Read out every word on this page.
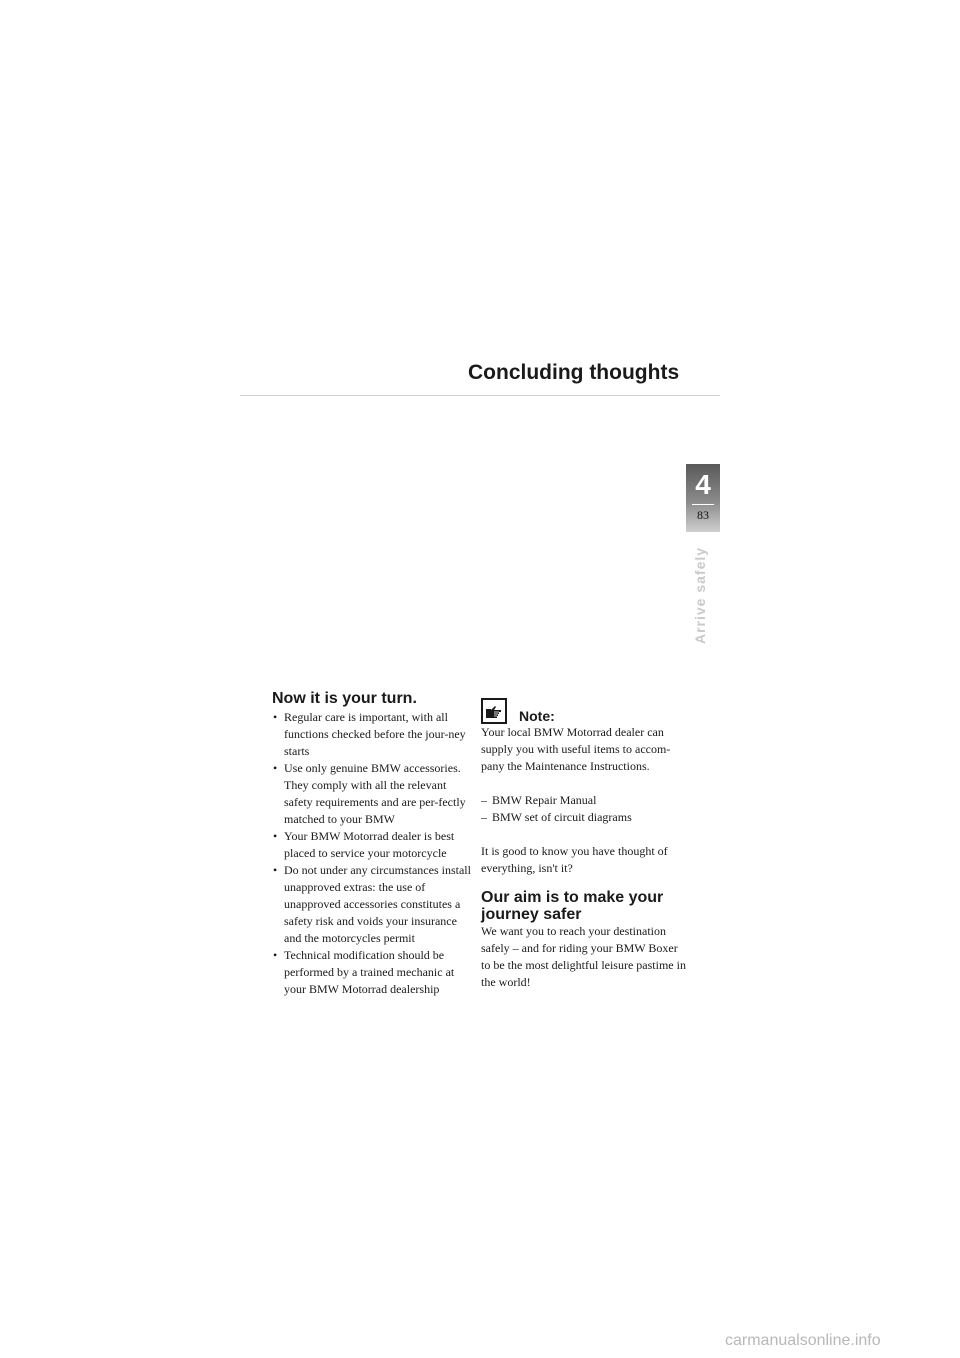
Concluding thoughts
4
83
Arrive safely
Now it is your turn.
• Regular care is important, with all functions checked before the jour-ney starts
• Use only genuine BMW accessories. They comply with all the relevant safety requirements and are per-fectly matched to your BMW
• Your BMW Motorrad dealer is best placed to service your motorcycle
• Do not under any circumstances install unapproved extras: the use of unapproved accessories constitutes a safety risk and voids your insurance and the motorcycles permit
• Technical modification should be performed by a trained mechanic at your BMW Motorrad dealership
Note:

Your local BMW Motorrad dealer can supply you with useful items to accom-pany the Maintenance Instructions.

– BMW Repair Manual
– BMW set of circuit diagrams

It is good to know you have thought of everything, isn't it?

Our aim is to make your journey safer

We want you to reach your destination safely – and for riding your BMW Boxer to be the most delightful leisure pastime in the world!

carmanualsonline.info
